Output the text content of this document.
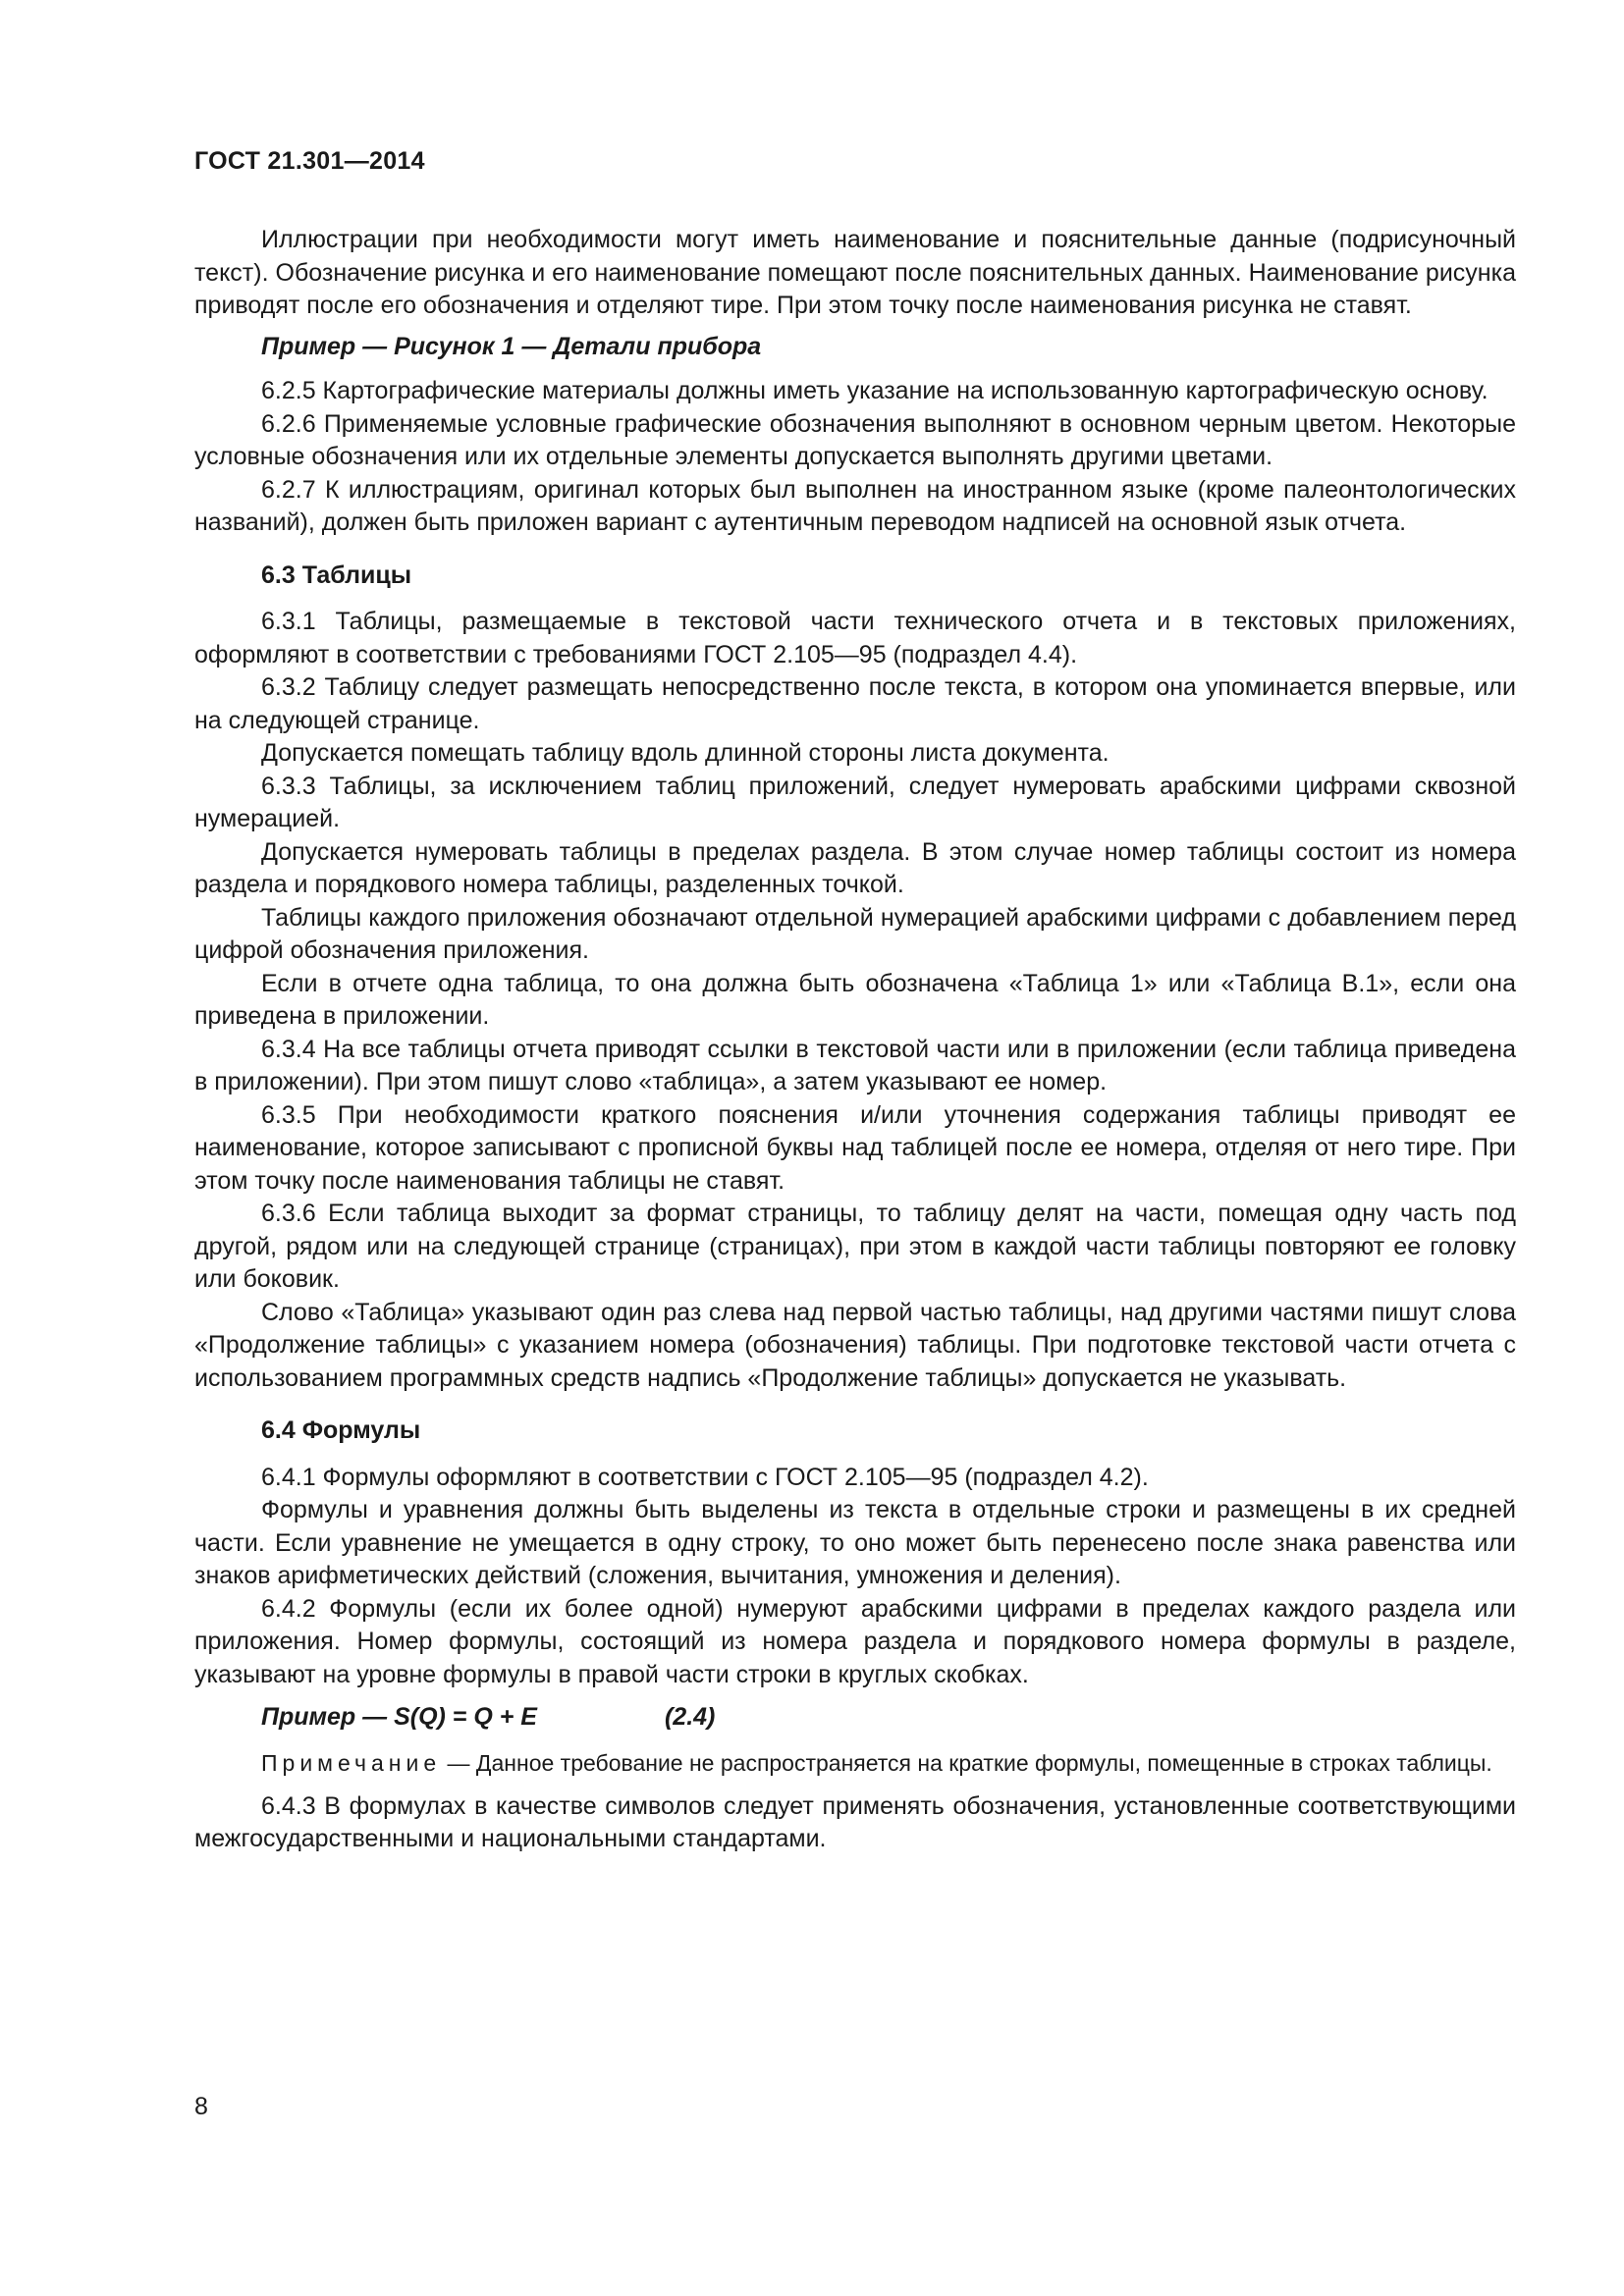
ГОСТ 21.301—2014

Иллюстрации при необходимости могут иметь наименование и пояснительные данные (подрисуночный текст). Обозначение рисунка и его наименование помещают после пояснительных данных. Наименование рисунка приводят после его обозначения и отделяют тире. При этом точку после наименования рисунка не ставят.

Пример — Рисунок 1 — Детали прибора

6.2.5 Картографические материалы должны иметь указание на использованную картографическую основу.

6.2.6 Применяемые условные графические обозначения выполняют в основном черным цветом. Некоторые условные обозначения или их отдельные элементы допускается выполнять другими цветами.

6.2.7 К иллюстрациям, оригинал которых был выполнен на иностранном языке (кроме палеонтологических названий), должен быть приложен вариант с аутентичным переводом надписей на основной язык отчета.

6.3 Таблицы

6.3.1 Таблицы, размещаемые в текстовой части технического отчета и в текстовых приложениях, оформляют в соответствии с требованиями ГОСТ 2.105—95 (подраздел 4.4).

6.3.2 Таблицу следует размещать непосредственно после текста, в котором она упоминается впервые, или на следующей странице.

Допускается помещать таблицу вдоль длинной стороны листа документа.

6.3.3 Таблицы, за исключением таблиц приложений, следует нумеровать арабскими цифрами сквозной нумерацией.

Допускается нумеровать таблицы в пределах раздела. В этом случае номер таблицы состоит из номера раздела и порядкового номера таблицы, разделенных точкой.

Таблицы каждого приложения обозначают отдельной нумерацией арабскими цифрами с добавлением перед цифрой обозначения приложения.

Если в отчете одна таблица, то она должна быть обозначена «Таблица 1» или «Таблица В.1», если она приведена в приложении.

6.3.4 На все таблицы отчета приводят ссылки в текстовой части или в приложении (если таблица приведена в приложении). При этом пишут слово «таблица», а затем указывают ее номер.

6.3.5 При необходимости краткого пояснения и/или уточнения содержания таблицы приводят ее наименование, которое записывают с прописной буквы над таблицей после ее номера, отделяя от него тире. При этом точку после наименования таблицы не ставят.

6.3.6 Если таблица выходит за формат страницы, то таблицу делят на части, помещая одну часть под другой, рядом или на следующей странице (страницах), при этом в каждой части таблицы повторяют ее головку или боковик.

Слово «Таблица» указывают один раз слева над первой частью таблицы, над другими частями пишут слова «Продолжение таблицы» с указанием номера (обозначения) таблицы. При подготовке текстовой части отчета с использованием программных средств надпись «Продолжение таблицы» допускается не указывать.

6.4 Формулы

6.4.1 Формулы оформляют в соответствии с ГОСТ 2.105—95 (подраздел 4.2).

Формулы и уравнения должны быть выделены из текста в отдельные строки и размещены в их средней части. Если уравнение не умещается в одну строку, то оно может быть перенесено после знака равенства или знаков арифметических действий (сложения, вычитания, умножения и деления).

6.4.2 Формулы (если их более одной) нумеруют арабскими цифрами в пределах каждого раздела или приложения. Номер формулы, состоящий из номера раздела и порядкового номера формулы в разделе, указывают на уровне формулы в правой части строки в круглых скобках.

Пример — S(Q) = Q + E	(2.4)
Примечание — Данное требование не распространяется на краткие формулы, помещенные в строках таблицы.

6.4.3 В формулах в качестве символов следует применять обозначения, установленные соответствующими межгосударственными и национальными стандартами.

8
